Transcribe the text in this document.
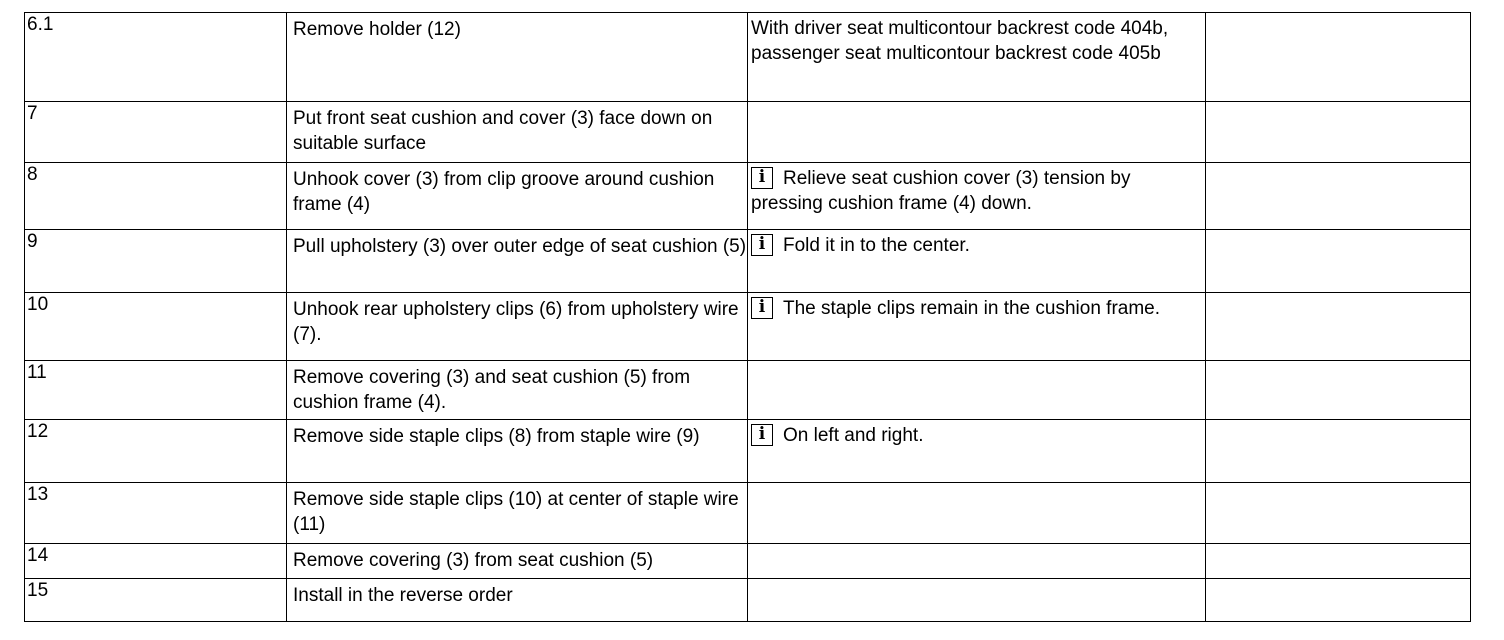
6.1	Remove holder (12)	With driver seat multicontour backrest code 404b, passenger seat multicontour backrest code 405b	
7	Put front seat cushion and cover (3) face down on suitable surface		
8	Unhook cover (3) from clip groove around cushion frame (4)	i Relieve seat cushion cover (3) tension by pressing cushion frame (4) down.	
9	Pull upholstery (3) over outer edge of seat cushion (5)	i Fold it in to the center.	
10	Unhook rear upholstery clips (6) from upholstery wire (7).	i The staple clips remain in the cushion frame.	
11	Remove covering (3) and seat cushion (5) from cushion frame (4).		
12	Remove side staple clips (8) from staple wire (9)	i On left and right.	
13	Remove side staple clips (10) at center of staple wire (11)		
14	Remove covering (3) from seat cushion (5)		
15	Install in the reverse order		
